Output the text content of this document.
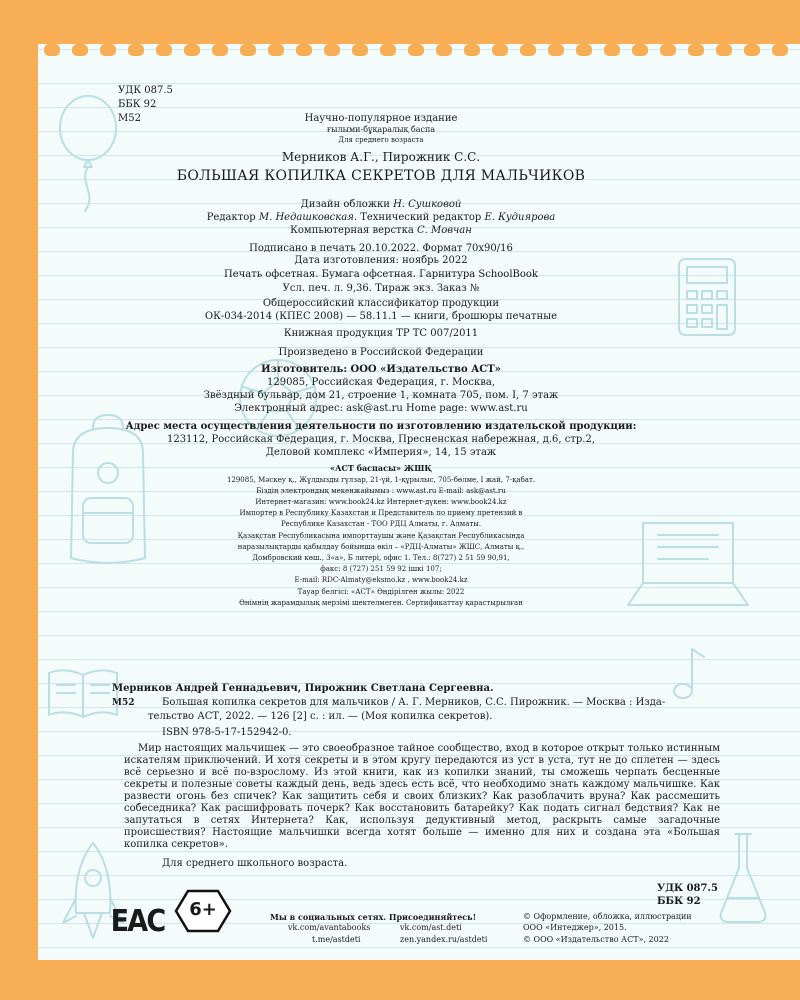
УДК 087.5
ББК 92
М52	Научно-популярное издание
ғылыми-бұқаралық баспа
Для среднего возраста
Мерников А.Г., Пирожник С.С.
БОЛЬШАЯ КОПИЛКА СЕКРЕТОВ ДЛЯ МАЛЬЧИКОВ
Дизайн обложки Н. Сушковой
Редактор М. Недашковская. Технический редактор Е. Кудиярова
Компьютерная верстка С. Мовчан
Подписано в печать 20.10.2022. Формат 70x90/16
Дата изготовления: ноябрь 2022
Печать офсетная. Бумага офсетная. Гарнитура SchoolBook
Усл. печ. л. 9,36. Тираж экз. Заказ №
Общероссийский классификатор продукции
ОК-034-2014 (КПЕС 2008) — 58.11.1 — книги, брошюры печатные
Книжная продукция ТР ТС 007/2011
Произведено в Российской Федерации
Изготовитель: ООО «Издательство АСТ»
129085, Российская Федерация, г. Москва,
Звёздный бульвар, дом 21, строение 1, комната 705, пом. I, 7 этаж
Электронный адрес: ask@ast.ru Home page: www.ast.ru
Адрес места осуществления деятельности по изготовлению издательской продукции:
123112, Российская Федерация, г. Москва, Пресненская набережная, д.6, стр.2,
Деловой комплекс «Империя», 14, 15 этаж
«АСТ баспасы» ЖШҚ
129085, Мәскеу қ., Жұлдызды гүлзар, 21-үй, 1-құрылыс, 705-бөлме, I жай, 7-қабат.
Біздің электрондық мекенжайымыз : www.ast.ru E-mail: ask@ast.ru
Интернет-магазин: www.book24.kz Интернет-дүкен: www.book24.kz
Импортер в Республику Казахстан и Представитель по приему претензий в
Республике Казахстан - ТОО РДЦ Алматы, г. Алматы.
Қазақстан Республикасына импорттаушы және Қазақстан Республикасында
наразылықтарды қабылдау бойынша өкіл – «РДЦ-Алматы» ЖШС, Алматы қ.,
Домбровский көш., 3«а», Б литері, офис 1. Тел.: 8(727) 2 51 59 90,91,
факс: 8 (727) 251 59 92 ішкі 107;
E-mail: RDC-Almaty@eksmo.kz , www.book24.kz
Тауар белгісі: «АСТ» Өндірілген жылы: 2022
Өнімнің жарамдылық мерзімі шектелмеген. Сертификаттау қарастырылған
Мерников Андрей Геннадьевич, Пирожник Светлана Сергеевна.
М52	Большая копилка секретов для мальчиков / А. Г. Мерников, С.С. Пирожник. — Москва : Изда-
тельство АСТ, 2022. — 126 [2] с. : ил. — (Моя копилка секретов).
ISBN 978-5-17-152942-0.
Мир настоящих мальчишек — это своеобразное тайное сообщество, вход в которое открыт только истинным искателям приключений. И хотя секреты и в этом кругу передаются из уст в уста, тут не до сплетен — здесь всё серьезно и всё по-взрослому. Из этой книги, как из копилки знаний, ты сможешь черпать бесценные секреты и полезные советы каждый день, ведь здесь есть всё, что необходимо знать каждому мальчишке. Как развести огонь без спичек? Как защитить себя и своих близких? Как разоблачить вруна? Как рассмешить собеседника? Как расшифровать почерк? Как восстановить батарейку? Как подать сигнал бедствия? Как не запутаться в сетях Интернета? Как, используя дедуктивный метод, раскрыть самые загадочные происшествия? Настоящие мальчишки всегда хотят больше — именно для них и создана эта «Большая копилка секретов».
Для среднего школьного возраста.
УДК 087.5
ББК 92
ЕАС	6+	Мы в социальных сетях. Присоединяйтесь!
vk.com/avantabooks	vk.com/ast.deti
t.me/astdeti	zen.yandex.ru/astdeti
© Оформление, обложка, иллюстрации
ООО «Интеджер», 2015.
© ООО «Издательство АСТ», 2022
